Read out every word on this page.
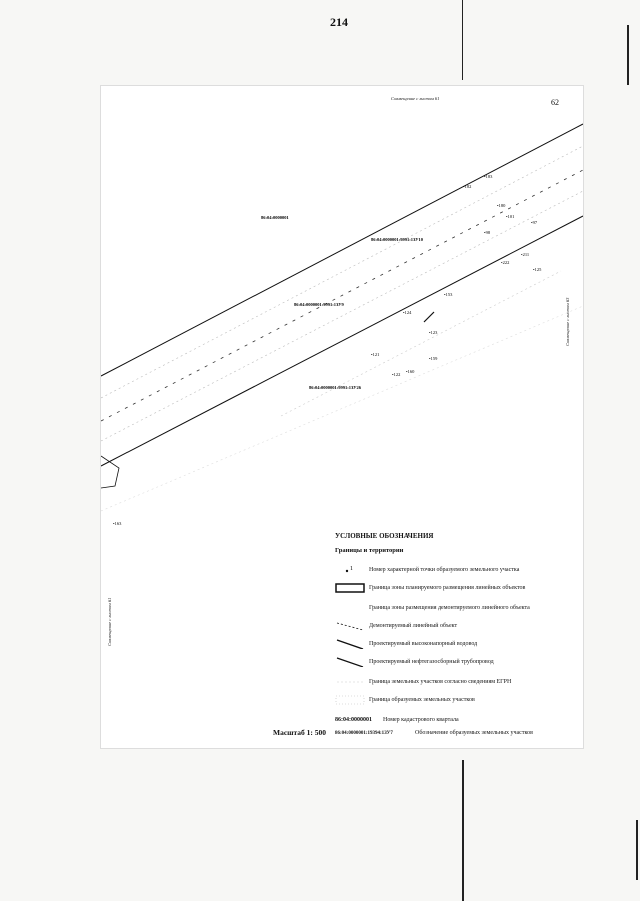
214
86:04:0000001
86:04:0000001:9991:1ЗУ10
86:04:0000001:9991:1ЗУ9
86:04:0000001:9991:1ЗУ26
•183
•182
•180
•101
•97
•98
•211
•222
•125
•153
•124
•123
•121
•159
•122
•160
•163
Совмещение с листом 61	62
Совмещение с листом 63
Совмещение с листом 61
УСЛОВНЫЕ ОБОЗНАЧЕНИЯ
Границы и территории
1	Номер характерной точки образуемого земельного участка
Граница зоны планируемого размещения линейных объектов
Граница зоны размещения демонтируемого линейного объекта
Демонтируемый линейный объект
Проектируемый высоконапорный водовод
Проектируемый нефтегазосборный трубопровод
Граница земельных участков согласно сведениям ЕГРН
Граница образуемых земельных участков
86:04:0000001 Номер кадастрового квартала
86:04:0000001:19394:1ЗУ7	Обозначение образуемых земельных участков
Масштаб 1: 500
